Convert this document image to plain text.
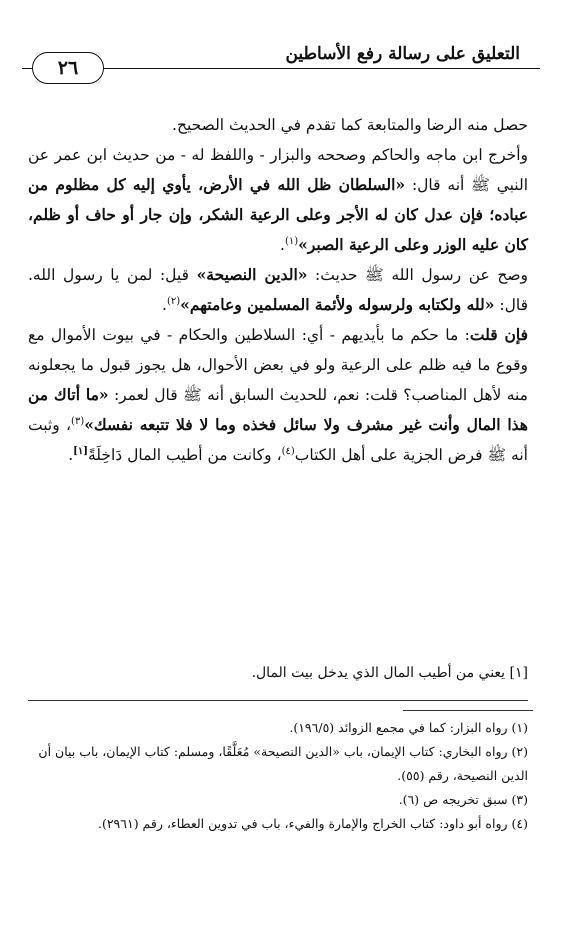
التعليق على رسالة رفع الأساطين
٢٦

حصل منه الرضا والمتابعة كما تقدم في الحديث الصحيح.

وأخرج ابن ماجه والحاكم وصححه والبزار - واللفظ له - من حديث ابن عمر عن النبي ﷺ أنه قال: «السلطان ظل الله في الأرض، يأوي إليه كل مظلوم من عباده؛ فإن عدل كان له الأجر وعلى الرعية الشكر، وإن جار أو حاف أو ظلم، كان عليه الوزر وعلى الرعية الصبر»$^{(١)}$.

وصح عن رسول الله ﷺ حديث: «الدين النصيحة» قيل: لمن يا رسول الله. قال: «لله ولكتابه ولرسوله ولأئمة المسلمين وعامتهم»$^{(٢)}$.

فإن قلت: ما حكم ما بأيديهم - أي: السلاطين والحكام - في بيوت الأموال مع وقوع ما فيه ظلم على الرعية ولو في بعض الأحوال، هل يجوز قبول ما يجعلونه منه لأهل المناصب؟ قلت: نعم، للحديث السابق أنه ﷺ قال لعمر: «ما أتاك من هذا المال وأنت غير مشرف ولا سائل فخذه وما لا فلا تتبعه نفسك»$^{(٣)}$، وثبت أنه ﷺ فرض الجزية على أهل الكتاب$^{(٤)}$، وكانت من أطيب المال دَاخِلَةً[١].

[١] يعني من أطيب المال الذي يدخل بيت المال.

(١) رواه البزار: كما في مجمع الزوائد (١٩٦/٥).

(٢) رواه البخاري: كتاب الإيمان، باب «الدين النصيحة» مُعَلَّقًا، ومسلم: كتاب الإيمان، باب بيان أن الدين النصيحة، رقم (٥٥).

(٣) سبق تخريجه ص (٦).

(٤) رواه أبو داود: كتاب الخراج والإمارة والفيء، باب في تدوين العطاء، رقم (٢٩٦١).
